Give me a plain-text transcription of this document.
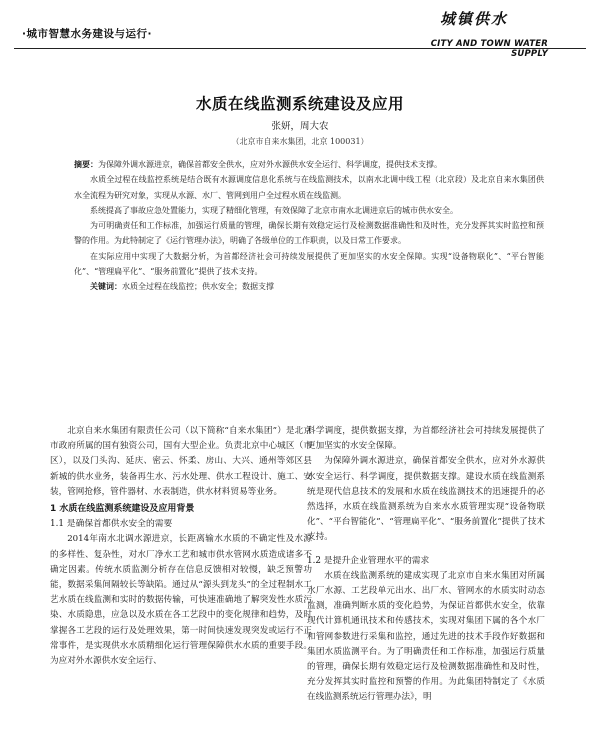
·城市智慧水务建设与运行·
城镇供水
CITY AND TOWN WATER SUPPLY
水质在线监测系统建设及应用
张妍，周大农
（北京市自来水集团，北京 100031）

摘要：为保障外调水源进京，确保首都安全供水，应对外水源供水安全运行、科学调度，提供技术支撑。

水质全过程在线监控系统是结合既有水源调度信息化系统与在线监测技术，以南水北调中线工程（北京段）及北京自来水集团供水全流程为研究对象，实现从水源、水厂、管网到用户全过程水质在线监测。

系统提高了事故应急处置能力，实现了精细化管理，有效保障了北京市南水北调进京后的城市供水安全。

为可明确责任和工作标准，加强运行质量的管理，确保长期有效稳定运行及检测数据准确性和及时性，充分发挥其实时监控和预警的作用。为此特制定了《运行管理办法》，明确了各级单位的工作职责，以及日常工作要求。

在实际应用中实现了大数据分析，为首都经济社会可持续发展提供了更加坚实的水安全保障。实现“设备物联化”、“平台智能化”、“管理扁平化”、“服务前置化”提供了技术支持。

关键词：水质全过程在线监控；供水安全；数据支撑

北京自来水集团有限责任公司（以下简称“自来水集团”）是北京市政府所属的国有独资公司，国有大型企业。负责北京中心城区（市区），以及门头沟、延庆、密云、怀柔、房山、大兴、通州等郊区县新城的供水业务，装备再生水、污水处理、供水工程设计、施工、安装，管网抢修，管件器材、水表制造，供水材料贸易等业务。

1 水质在线监测系统建设及应用背景
1.1 是确保首都供水安全的需要

2014年南水北调水源进京，长距离输水水质的不确定性及水源的多样性、复杂性，对水厂净水工艺和城市供水管网水质造成诸多不确定因素。传统水质监测分析存在信息反馈相对较慢，缺乏预警功能，数据采集间隔较长等缺陷。通过从“源头到龙头”的全过程制水工艺水质在线监测和实时的数据传输，可快速准确地了解突发性水质污染、水质隐患，应急以及水质在各工艺段中的变化规律和趋势，及时掌握各工艺段的运行及处理效果，第一时间快速发现突发或运行不正常事件，是实现供水水质精细化运行管理保障供水水质的重要手段。为应对外水源供水安全运行、

科学调度，提供数据支撑，为首都经济社会可持续发展提供了更加坚实的水安全保障。

为保障外调水源进京，确保首都安全供水，应对外水源供水安全运行、科学调度，提供数据支撑。建设水质在线监测系统是现代信息技术的发展和水质在线监测技术的迅速提升的必然选择，水质在线监测系统为自来水水质管理实现“设备物联化”、“平台智能化”、“管理扁平化”、“服务前置化”提供了技术支持。

1.2 是提升企业管理水平的需求

水质在线监测系统的建成实现了北京市自来水集团对所属水厂水源、工艺段单元出水、出厂水、管网水的水质实时动态监测，准确判断水质的变化趋势，为保证首都供水安全，依靠现代计算机通讯技术和传感技术，实现对集团下属的各个水厂和管网参数进行采集和监控，通过先进的技术手段作好数据和集团水质监测平台。为了明确责任和工作标准，加强运行质量的管理，确保长期有效稳定运行及检测数据准确性和及时性，充分发挥其实时监控和预警的作用。为此集团特制定了《水质在线监测系统运行管理办法》，明
